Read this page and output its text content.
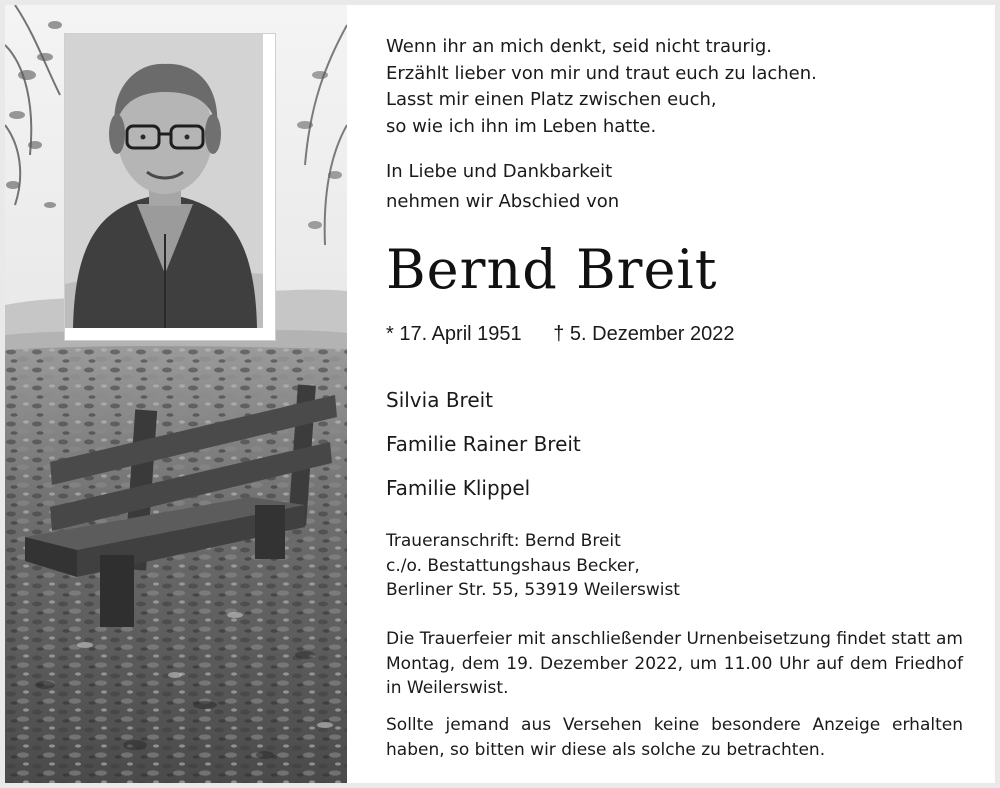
Wenn ihr an mich denkt, seid nicht traurig.
Erzählt lieber von mir und traut euch zu lachen.
Lasst mir einen Platz zwischen euch,
so wie ich ihn im Leben hatte.
In Liebe und Dankbarkeit
nehmen wir Abschied von
Bernd Breit
* 17. April 1951 † 5. Dezember 2022
Silvia Breit
Familie Rainer Breit
Familie Klippel
Traueranschrift: Bernd Breit
c./o. Bestattungshaus Becker,
Berliner Str. 55, 53919 Weilerswist
Die Trauerfeier mit anschließender Urnenbeisetzung findet statt am Montag, dem 19. Dezember 2022, um 11.00 Uhr auf dem Friedhof in Weilerswist.
Sollte jemand aus Versehen keine besondere Anzeige erhalten haben, so bitten wir diese als solche zu betrachten.
